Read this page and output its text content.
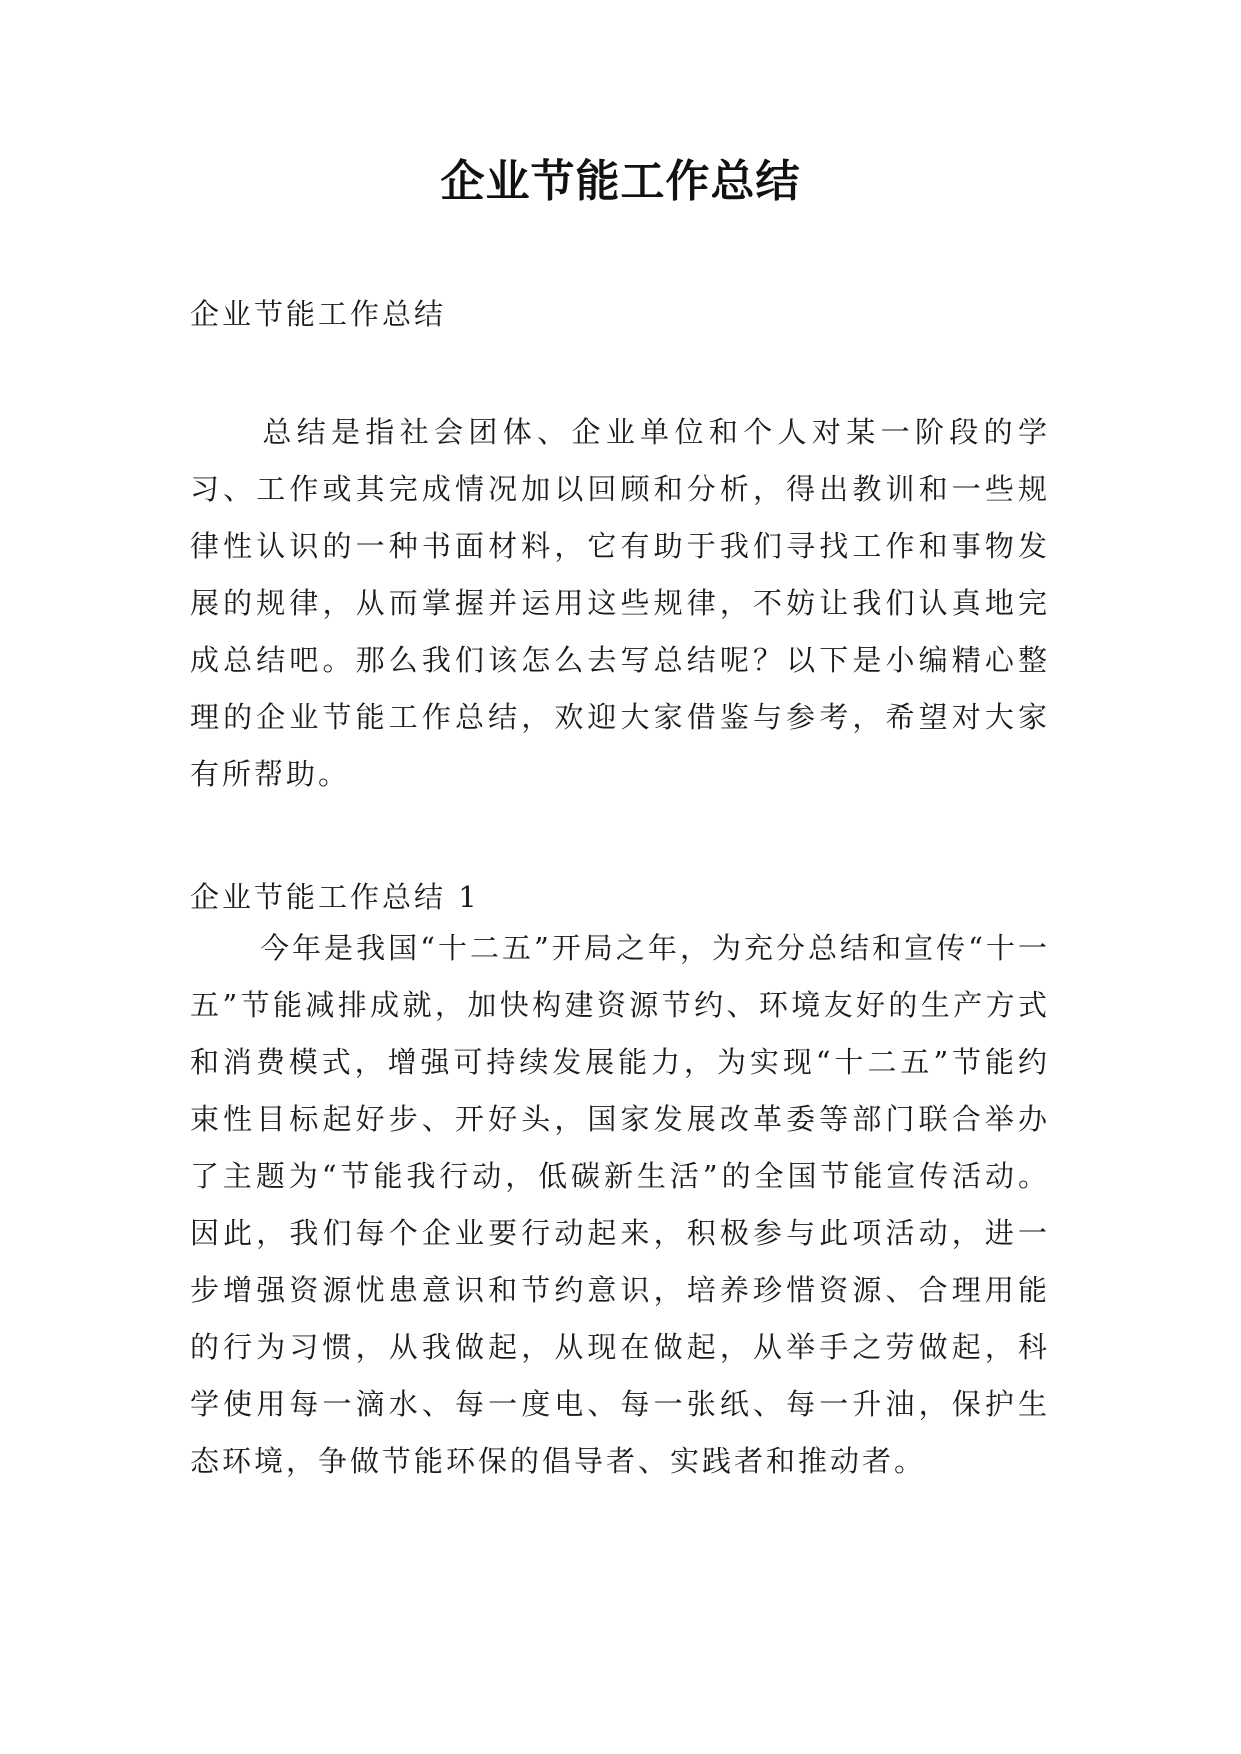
企业节能工作总结
企业节能工作总结

总结是指社会团体、企业单位和个人对某一阶段的学习、工作或其完成情况加以回顾和分析，得出教训和一些规律性认识的一种书面材料，它有助于我们寻找工作和事物发展的规律，从而掌握并运用这些规律，不妨让我们认真地完成总结吧。那么我们该怎么去写总结呢？以下是小编精心整理的企业节能工作总结，欢迎大家借鉴与参考，希望对大家有所帮助。

企业节能工作总结 1

今年是我国“十二五”开局之年，为充分总结和宣传“十一五”节能减排成就，加快构建资源节约、环境友好的生产方式和消费模式，增强可持续发展能力，为实现“十二五”节能约束性目标起好步、开好头，国家发展改革委等部门联合举办了主题为“节能我行动，低碳新生活”的全国节能宣传活动。因此，我们每个企业要行动起来，积极参与此项活动，进一步增强资源忧患意识和节约意识，培养珍惜资源、合理用能的行为习惯，从我做起，从现在做起，从举手之劳做起，科学使用每一滴水、每一度电、每一张纸、每一升油，保护生态环境，争做节能环保的倡导者、实践者和推动者。
